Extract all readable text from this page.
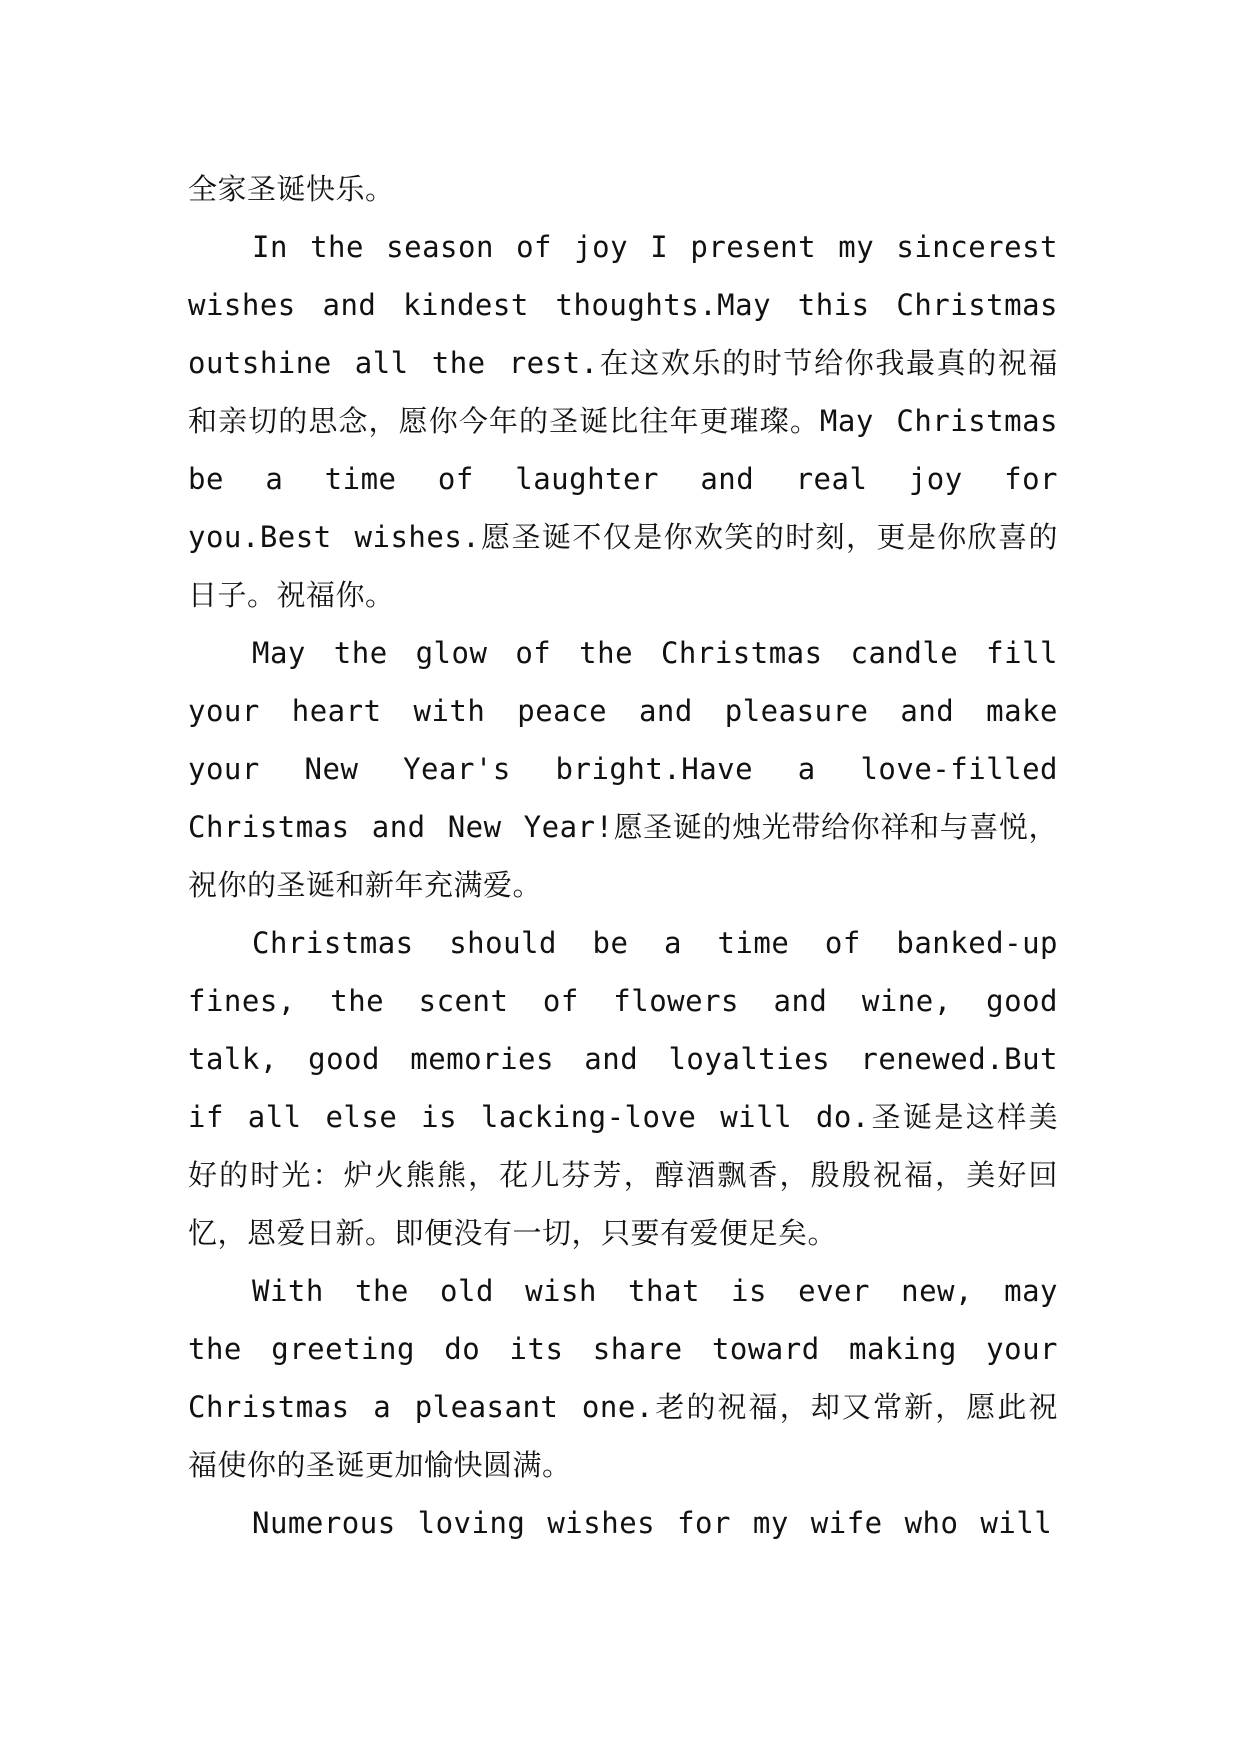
全家圣诞快乐。

In the season of joy I present my sincerest wishes and kindest thoughts.May this Christmas outshine all the rest.在这欢乐的时节给你我最真的祝福和亲切的思念，愿你今年的圣诞比往年更璀璨。May Christmas be a time of laughter and real joy for you.Best wishes.愿圣诞不仅是你欢笑的时刻，更是你欣喜的日子。祝福你。

May the glow of the Christmas candle fill your heart with peace and pleasure and make your New Year's bright.Have a love-filled Christmas and New Year!愿圣诞的烛光带给你祥和与喜悦，祝你的圣诞和新年充满爱。

Christmas should be a time of banked-up fines, the scent of flowers and wine, good talk, good memories and loyalties renewed.But if all else is lacking-love will do.圣诞是这样美好的时光：炉火熊熊，花儿芬芳，醇酒飘香，殷殷祝福，美好回忆，恩爱日新。即便没有一切，只要有爱便足矣。

With the old wish that is ever new, may the greeting do its share toward making your Christmas a pleasant one.老的祝福，却又常新，愿此祝福使你的圣诞更加愉快圆满。

Numerous loving wishes for my wife who will
